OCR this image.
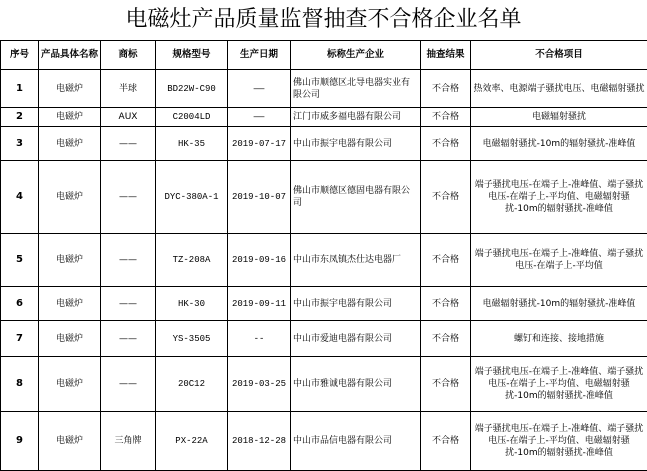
电磁灶产品质量监督抽查不合格企业名单
序号	产品具体名称	商标	规格型号	生产日期	标称生产企业	抽查结果	不合格项目
1	电磁炉	半球	BD22W-C90	——	佛山市顺德区北导电器实业有限公司	不合格	热效率、电源端子骚扰电压、电磁辐射骚扰
2	电磁炉	AUX	C2004LD	——	江门市威多福电器有限公司	不合格	电磁辐射骚扰
3	电磁炉	——	HK-35	2019-07-17	中山市振宇电器有限公司	不合格	电磁辐射骚扰-10m的辐射骚扰-准峰值
4	电磁炉	——	DYC-380A-1	2019-10-07	佛山市顺德区德固电器有限公司	不合格	端子骚扰电压-在端子上-准峰值、端子骚扰电压-在端子上-平均值、电磁辐射骚扰-10m的辐射骚扰-准峰值
5	电磁炉	——	TZ-208A	2019-09-16	中山市东凤镇杰仕达电器厂	不合格	端子骚扰电压-在端子上-准峰值、端子骚扰电压-在端子上-平均值
6	电磁炉	——	HK-30	2019-09-11	中山市振宇电器有限公司	不合格	电磁辐射骚扰-10m的辐射骚扰-准峰值
7	电磁炉	——	YS-3505	--	中山市爱迪电器有限公司	不合格	螺钉和连接、接地措施
8	电磁炉	——	20C12	2019-03-25	中山市雅诚电器有限公司	不合格	端子骚扰电压-在端子上-准峰值、端子骚扰电压-在端子上-平均值、电磁辐射骚扰-10m的辐射骚扰-准峰值
9	电磁炉	三角牌	PX-22A	2018-12-28	中山市品信电器有限公司	不合格	端子骚扰电压-在端子上-准峰值、端子骚扰电压-在端子上-平均值、电磁辐射骚扰-10m的辐射骚扰-准峰值
